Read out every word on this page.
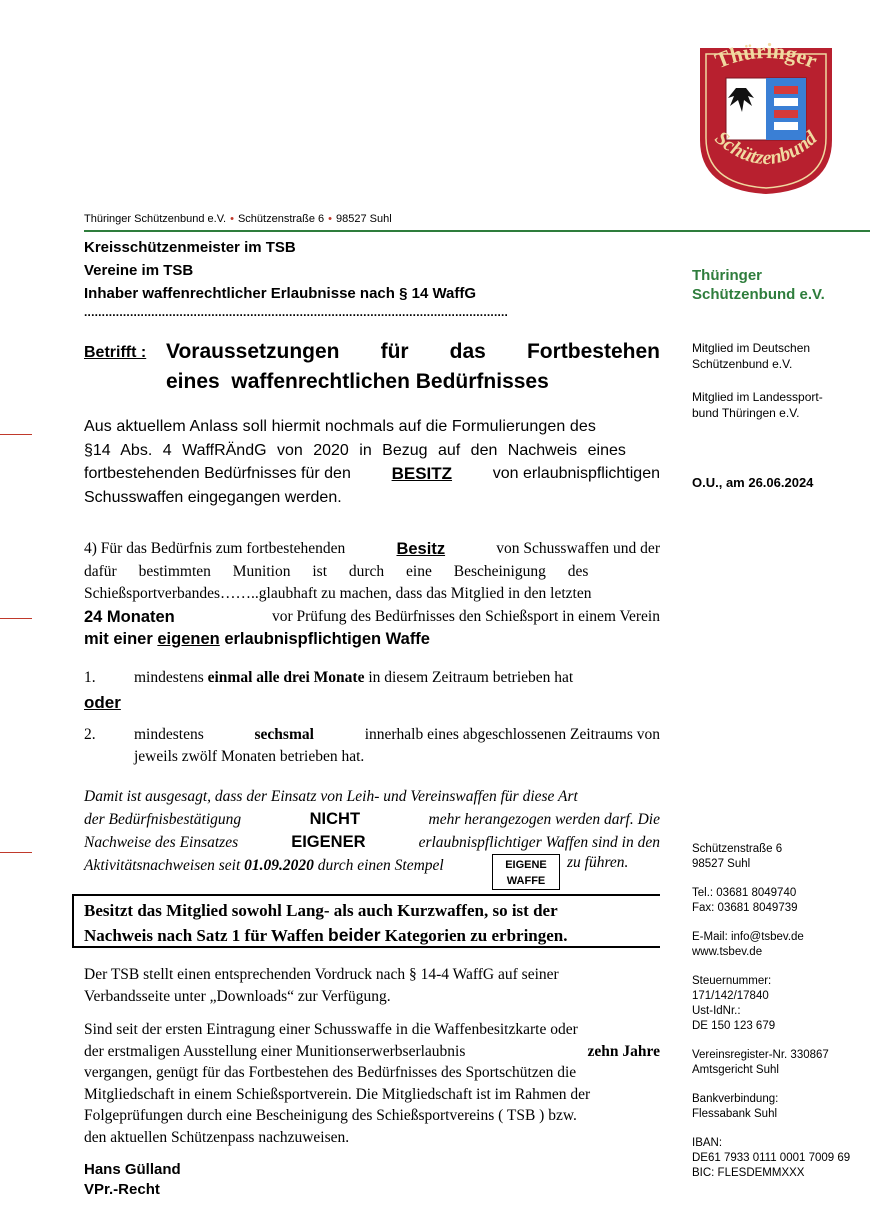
Thüringer
Schützenbund
Thüringer Schützenbund e.V. • Schützenstraße 6 • 98527 Suhl
Kreisschützenmeister im TSB
Vereine im TSB
Inhaber waffenrechtlicher Erlaubnisse nach § 14 WaffG
........................................................................................................................
Thüringer
Schützenbund e.V.
Mitglied im Deutschen
Schützenbund e.V.
Mitglied im Landessport-
bund Thüringen e.V.
O.U., am 26.06.2024
Betrifft : Voraussetzungen für das Fortbestehen
eines  waffenrechtlichen Bedürfnisses
Aus aktuellem Anlass soll hiermit nochmals auf die Formulierungen des
§14 Abs. 4 WaffRÄndG von 2020 in Bezug auf den Nachweis eines
fortbestehenden Bedürfnisses für den BESITZ	von erlaubnispflichtigen
Schusswaffen eingegangen werden.
4) Für das Bedürfnis zum fortbestehenden	Besitz	von Schusswaffen und der
dafür bestimmten Munition ist durch eine Bescheinigung des
Schießsportverbandes……..glaubhaft zu machen, dass das Mitglied in den letzten
24 Monaten	vor Prüfung des Bedürfnisses den Schießsport in einem Verein
mit einer
eigenen
erlaubnispflichtigen Waffe
1. mindestens einmal alle drei Monate in diesem Zeitraum betrieben hat
oder
2. mindestens	sechsmal	innerhalb eines abgeschlossenen Zeitraums von
jeweils zwölf Monaten betrieben hat.
Damit ist ausgesagt, dass der Einsatz von Leih- und Vereinswaffen für diese Art
der Bedürfnisbestätigung	NICHT	mehr herangezogen werden darf. Die
Nachweise des Einsatzes	EIGENER	erlaubnispflichtiger Waffen sind in den
Aktivitätsnachweisen seit 01.09.2020 durch einen Stempel	EIGENE
WAFFE
zu führen.
Besitzt das Mitglied sowohl Lang- als auch Kurzwaffen, so ist der
Nachweis nach Satz 1 für Waffen beider Kategorien zu erbringen.
Der TSB stellt einen entsprechenden Vordruck nach § 14-4 WaffG auf seiner
Verbandsseite unter „Downloads“ zur Verfügung.
Sind seit der ersten Eintragung einer Schusswaffe in die Waffenbesitzkarte oder
der erstmaligen Ausstellung einer Munitionserwerbserlaubnis	zehn Jahre
vergangen, genügt für das Fortbestehen des Bedürfnisses des Sportschützen die
Mitgliedschaft in einem Schießsportverein. Die Mitgliedschaft ist im Rahmen der
Folgeprüfungen durch eine Bescheinigung des Schießsportvereins ( TSB ) bzw.
den aktuellen Schützenpass nachzuweisen.
Hans Gülland
VPr.-Recht
Schützenstraße 6
98527 Suhl
Tel.: 03681 8049740
Fax: 03681 8049739
E-Mail: info@tsbev.de
www.tsbev.de
Steuernummer:
171/142/17840
Ust-IdNr.:
DE 150 123 679
Vereinsregister-Nr. 330867
Amtsgericht Suhl
Bankverbindung:
Flessabank Suhl
IBAN:
DE61 7933 0111 0001 7009 69
BIC: FLESDEMMXXX
